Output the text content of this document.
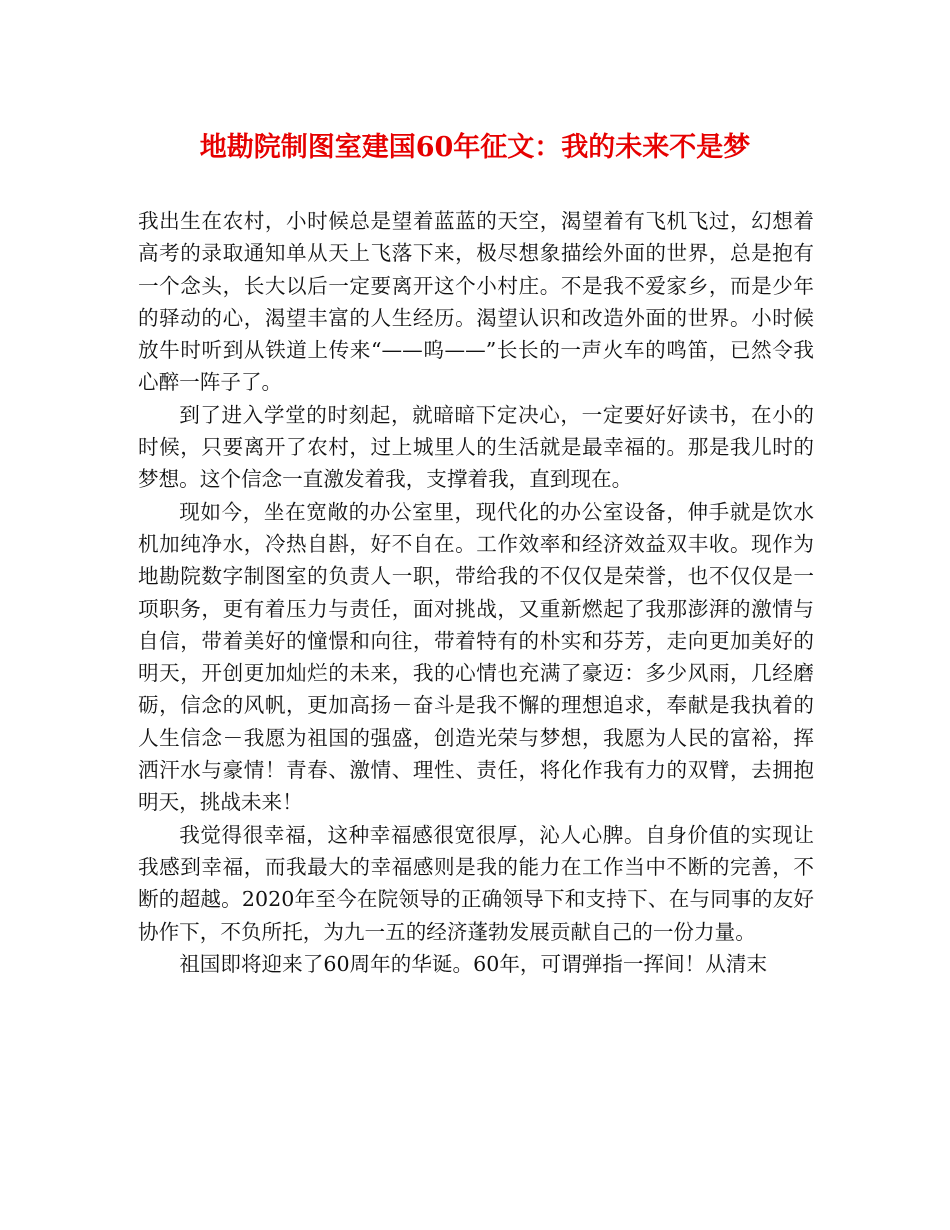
地勘院制图室建国60年征文：我的未来不是梦

我出生在农村，小时候总是望着蓝蓝的天空，渴望着有飞机飞过，幻想着高考的录取通知单从天上飞落下来，极尽想象描绘外面的世界，总是抱有一个念头，长大以后一定要离开这个小村庄。不是我不爱家乡，而是少年的驿动的心，渴望丰富的人生经历。渴望认识和改造外面的世界。小时候放牛时听到从铁道上传来“——呜——”长长的一声火车的鸣笛，已然令我心醉一阵子了。

到了进入学堂的时刻起，就暗暗下定决心，一定要好好读书，在小的时候，只要离开了农村，过上城里人的生活就是最幸福的。那是我儿时的梦想。这个信念一直激发着我，支撑着我，直到现在。

现如今，坐在宽敞的办公室里，现代化的办公室设备，伸手就是饮水机加纯净水，冷热自斟，好不自在。工作效率和经济效益双丰收。现作为地勘院数字制图室的负责人一职，带给我的不仅仅是荣誉，也不仅仅是一项职务，更有着压力与责任，面对挑战，又重新燃起了我那澎湃的激情与自信，带着美好的憧憬和向往，带着特有的朴实和芬芳，走向更加美好的明天，开创更加灿烂的未来，我的心情也充满了豪迈：多少风雨，几经磨砺，信念的风帆，更加高扬－奋斗是我不懈的理想追求，奉献是我执着的人生信念－我愿为祖国的强盛，创造光荣与梦想，我愿为人民的富裕，挥洒汗水与豪情！青春、激情、理性、责任，将化作我有力的双臂，去拥抱明天，挑战未来！

我觉得很幸福，这种幸福感很宽很厚，沁人心脾。自身价值的实现让我感到幸福，而我最大的幸福感则是我的能力在工作当中不断的完善，不断的超越。2020年至今在院领导的正确领导下和支持下、在与同事的友好协作下，不负所托，为九一五的经济蓬勃发展贡献自己的一份力量。

祖国即将迎来了60周年的华诞。60年，可谓弹指一挥间！从清末
